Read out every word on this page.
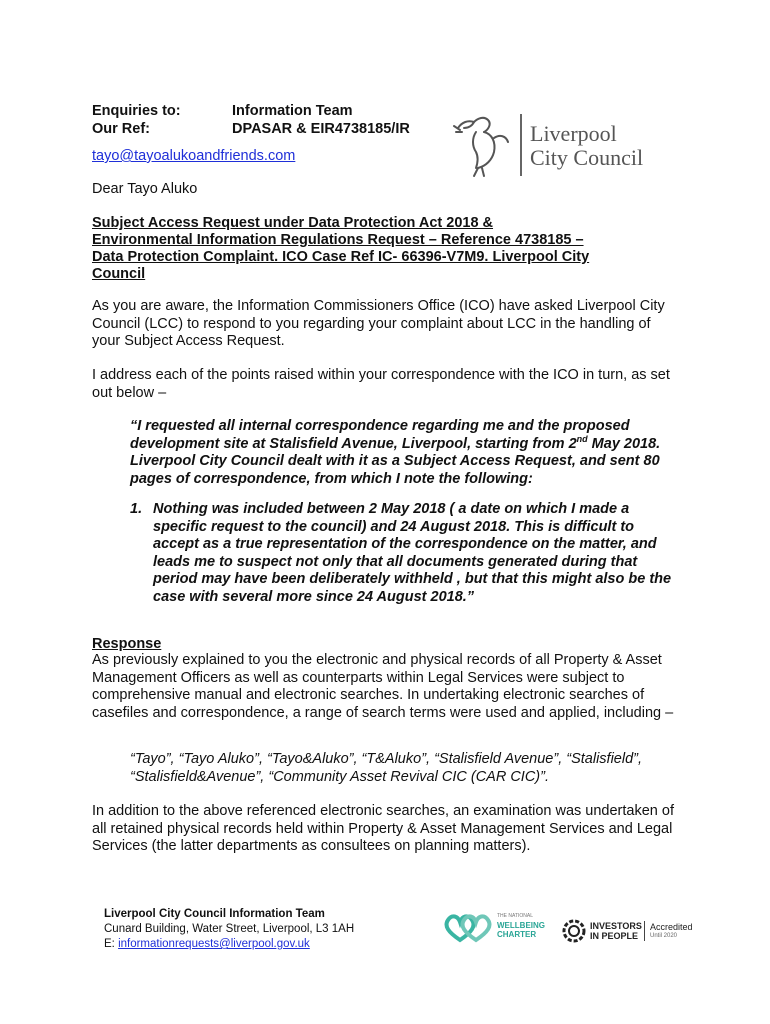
Enquiries to:	Information Team
Our Ref:	DPASAR & EIR4738185/IR
tayo@tayoalukoandfriends.com
Liverpool
City Council
Dear Tayo Aluko
Subject Access Request under Data Protection Act 2018 &
Environmental Information Regulations Request – Reference 4738185 –
Data Protection Complaint. ICO Case Ref IC- 66396-V7M9. Liverpool City
Council

As you are aware, the Information Commissioners Office (ICO) have asked Liverpool City Council (LCC) to respond to you regarding your complaint about LCC in the handling of your Subject Access Request.

I address each of the points raised within your correspondence with the ICO in turn, as set out below –

“I requested all internal correspondence regarding me and the proposed development site at Stalisfield Avenue, Liverpool, starting from 2nd May 2018. Liverpool City Council dealt with it as a Subject Access Request, and sent 80 pages of correspondence, from which I note the following:

1. Nothing was included between 2 May 2018 ( a date on which I made a specific request to the council) and 24 August 2018. This is difficult to accept as a true representation of the correspondence on the matter, and leads me to suspect not only that all documents generated during that period may have been deliberately withheld , but that this might also be the case with several more since 24 August 2018.”

Response

As previously explained to you the electronic and physical records of all Property & Asset Management Officers as well as counterparts within Legal Services were subject to comprehensive manual and electronic searches. In undertaking electronic searches of casefiles and correspondence, a range of search terms were used and applied, including –

“Tayo”, “Tayo Aluko”, “Tayo&Aluko”, “T&Aluko”, “Stalisfield Avenue”, “Stalisfield”, “Stalisfield&Avenue”, “Community Asset Revival CIC (CAR CIC)”.

In addition to the above referenced electronic searches, an examination was undertaken of all retained physical records held within Property & Asset Management Services and Legal Services (the latter departments as consultees on planning matters).

Liverpool City Council Information Team
Cunard Building, Water Street, Liverpool, L3 1AH
E: informationrequests@liverpool.gov.uk
THE NATIONAL
WELLBEING
CHARTER
INVESTORS
IN PEOPLE
Accredited
Until 2020
